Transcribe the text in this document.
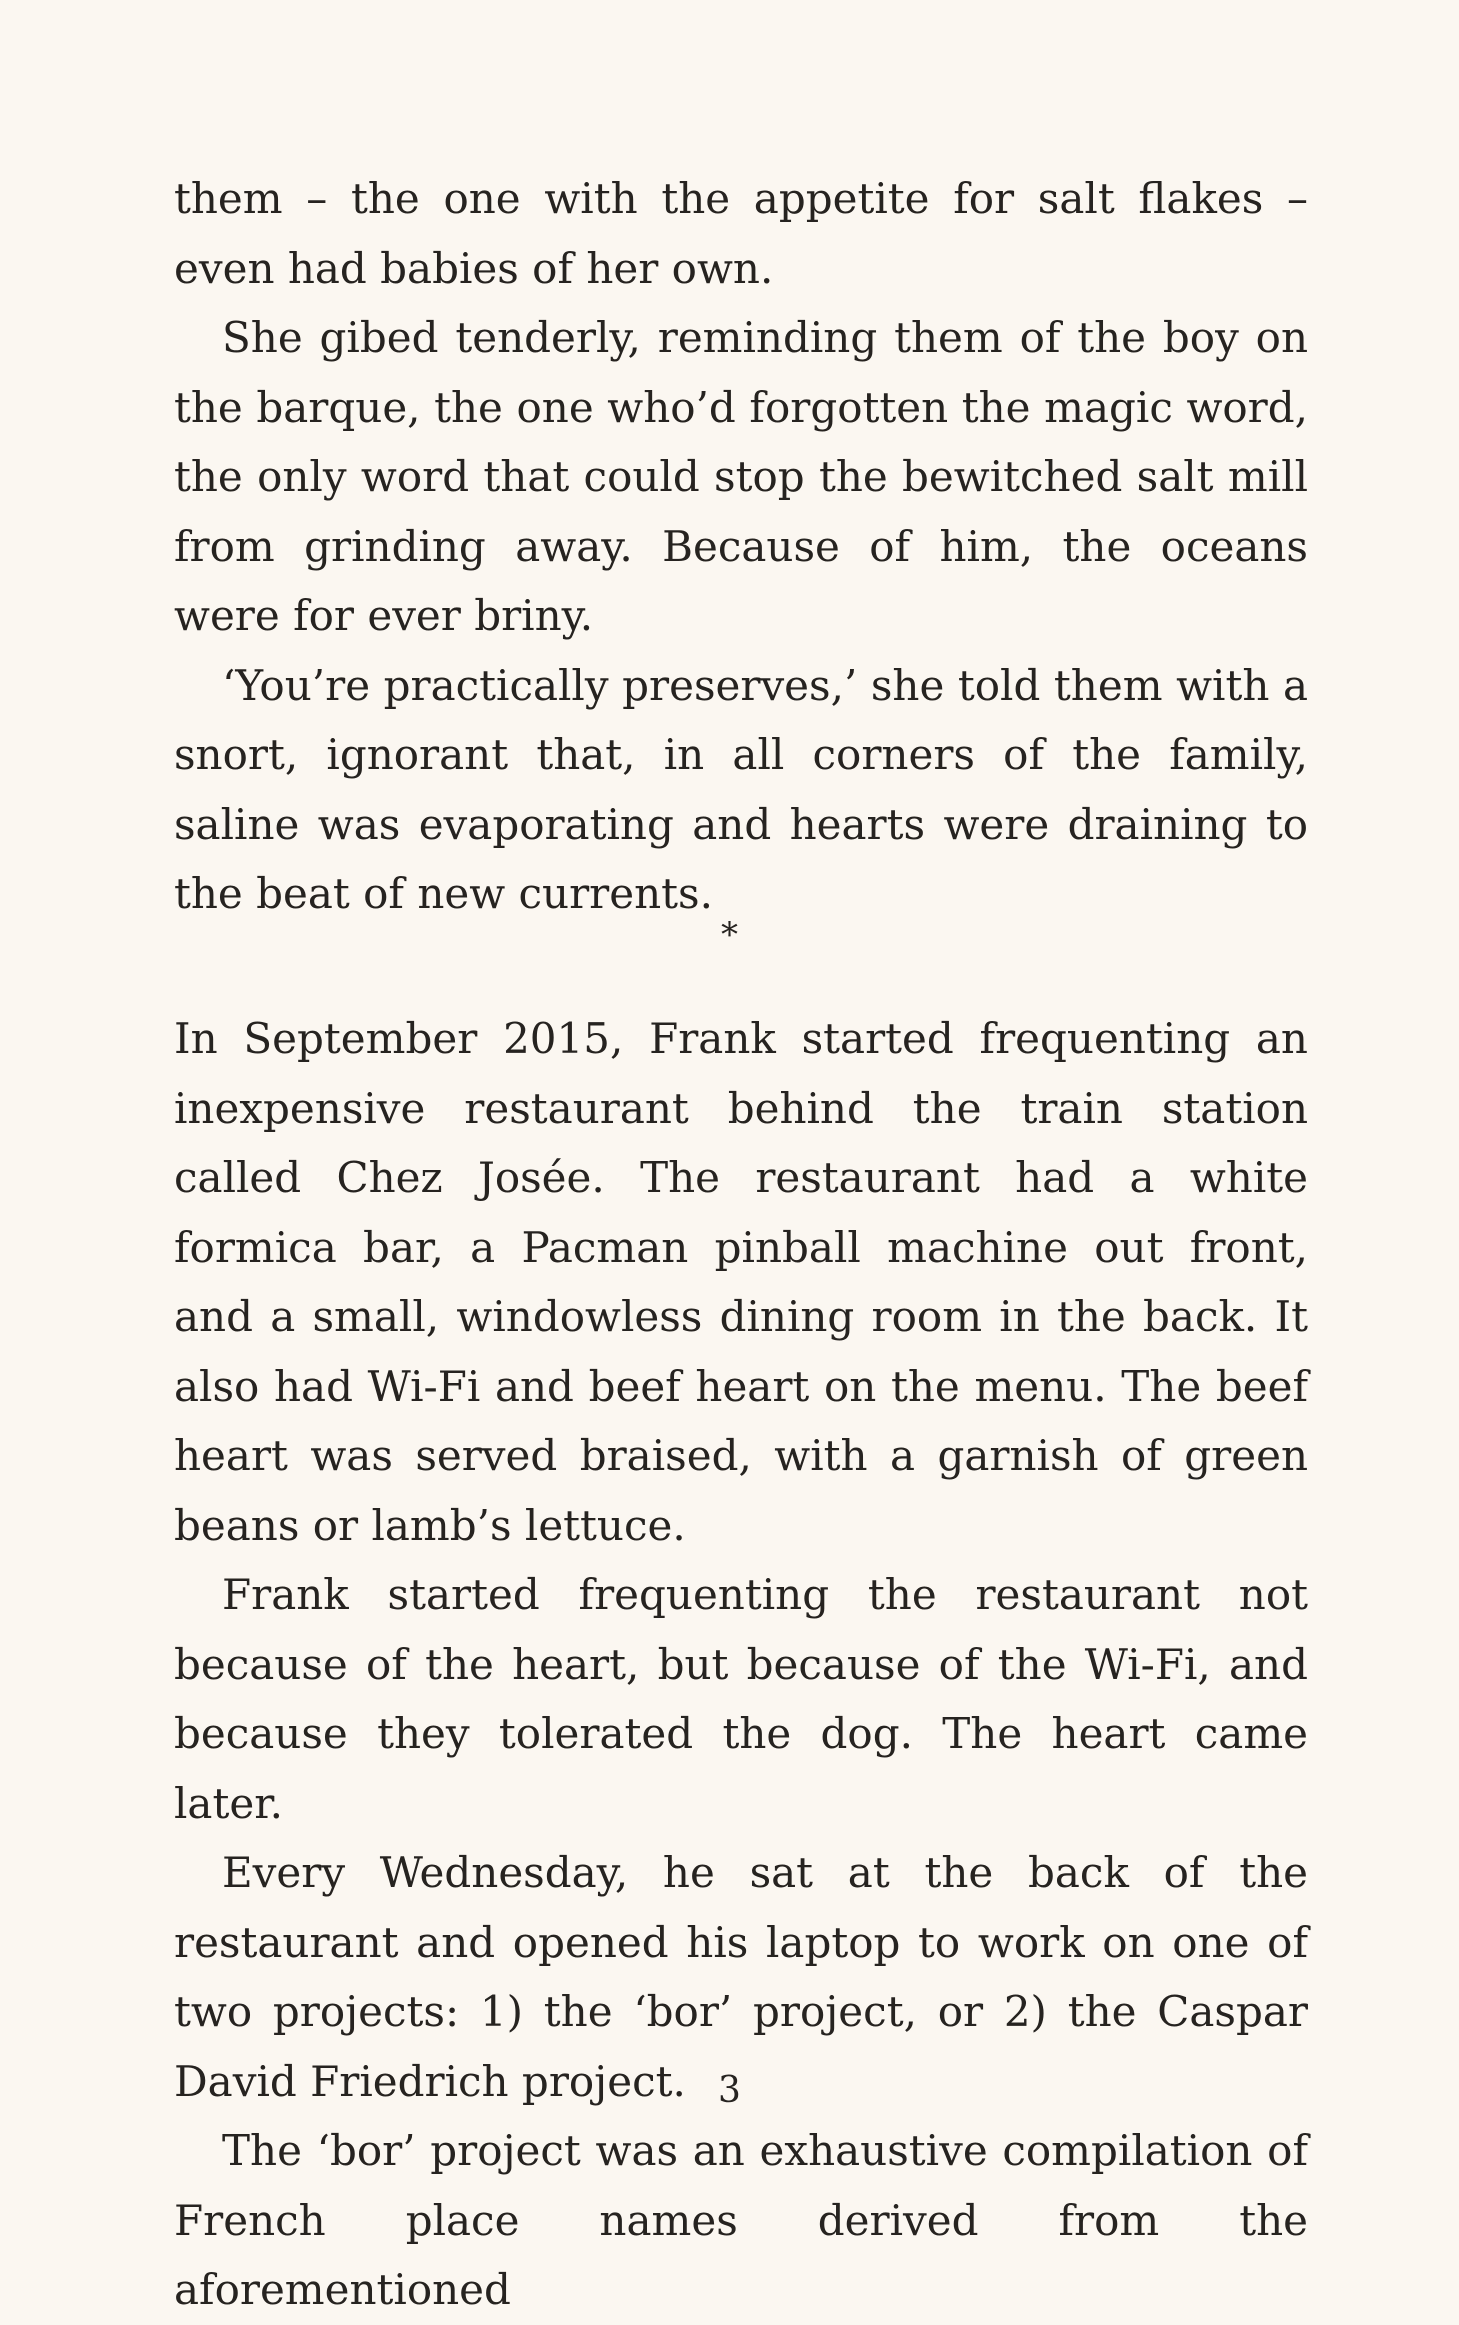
them – the one with the appetite for salt flakes – even had babies of her own.

She gibed tenderly, reminding them of the boy on the barque, the one who’d forgotten the magic word, the only word that could stop the bewitched salt mill from grinding away. Because of him, the oceans were for ever briny.

‘You’re practically preserves,’ she told them with a snort, ignorant that, in all corners of the family, saline was evaporating and hearts were draining to the beat of new currents.

*

In September 2015, Frank started frequenting an inexpensive restaurant behind the train station called Chez Josée. The restaurant had a white formica bar, a Pacman pinball machine out front, and a small, windowless dining room in the back. It also had Wi-Fi and beef heart on the menu. The beef heart was served braised, with a garnish of green beans or lamb’s lettuce.

Frank started frequenting the restaurant not because of the heart, but because of the Wi-Fi, and because they tolerated the dog. The heart came later.

Every Wednesday, he sat at the back of the restaurant and opened his laptop to work on one of two projects: 1) the ‘bor’ project, or 2) the Caspar David Friedrich project.

The ‘bor’ project was an exhaustive compilation of French place names derived from the aforementioned

3
